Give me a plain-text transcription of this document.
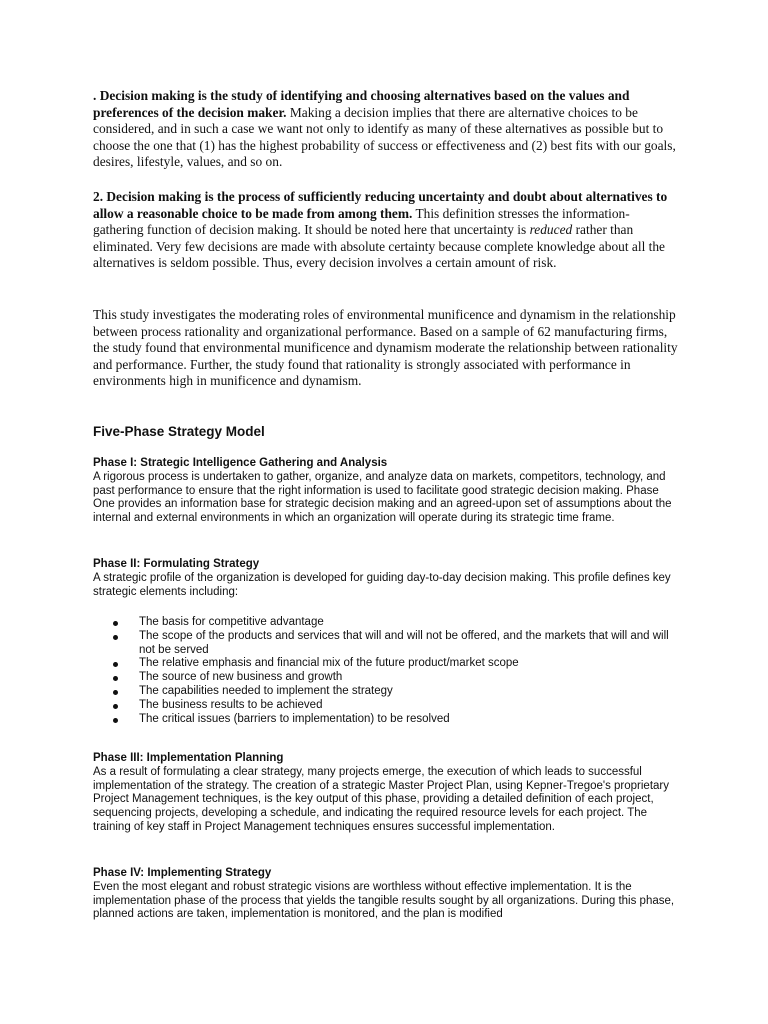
. Decision making is the study of identifying and choosing alternatives based on the values and preferences of the decision maker. Making a decision implies that there are alternative choices to be considered, and in such a case we want not only to identify as many of these alternatives as possible but to choose the one that (1) has the highest probability of success or effectiveness and (2) best fits with our goals, desires, lifestyle, values, and so on.

2. Decision making is the process of sufficiently reducing uncertainty and doubt about alternatives to allow a reasonable choice to be made from among them. This definition stresses the information-gathering function of decision making. It should be noted here that uncertainty is reduced rather than eliminated. Very few decisions are made with absolute certainty because complete knowledge about all the alternatives is seldom possible. Thus, every decision involves a certain amount of risk.

This study investigates the moderating roles of environmental munificence and dynamism in the relationship between process rationality and organizational performance. Based on a sample of 62 manufacturing firms, the study found that environmental munificence and dynamism moderate the relationship between rationality and performance. Further, the study found that rationality is strongly associated with performance in environments high in munificence and dynamism.

Five-Phase Strategy Model

Phase I: Strategic Intelligence Gathering and Analysis

A rigorous process is undertaken to gather, organize, and analyze data on markets, competitors, technology, and past performance to ensure that the right information is used to facilitate good strategic decision making. Phase One provides an information base for strategic decision making and an agreed-upon set of assumptions about the internal and external environments in which an organization will operate during its strategic time frame.

Phase II: Formulating Strategy

A strategic profile of the organization is developed for guiding day-to-day decision making. This profile defines key strategic elements including:

The basis for competitive advantage
The scope of the products and services that will and will not be offered, and the markets that will and will not be served
The relative emphasis and financial mix of the future product/market scope
The source of new business and growth
The capabilities needed to implement the strategy
The business results to be achieved
The critical issues (barriers to implementation) to be resolved

Phase III: Implementation Planning

As a result of formulating a clear strategy, many projects emerge, the execution of which leads to successful implementation of the strategy. The creation of a strategic Master Project Plan, using Kepner-Tregoe's proprietary Project Management techniques, is the key output of this phase, providing a detailed definition of each project, sequencing projects, developing a schedule, and indicating the required resource levels for each project. The training of key staff in Project Management techniques ensures successful implementation.

Phase IV: Implementing Strategy

Even the most elegant and robust strategic visions are worthless without effective implementation. It is the implementation phase of the process that yields the tangible results sought by all organizations. During this phase, planned actions are taken, implementation is monitored, and the plan is modified
